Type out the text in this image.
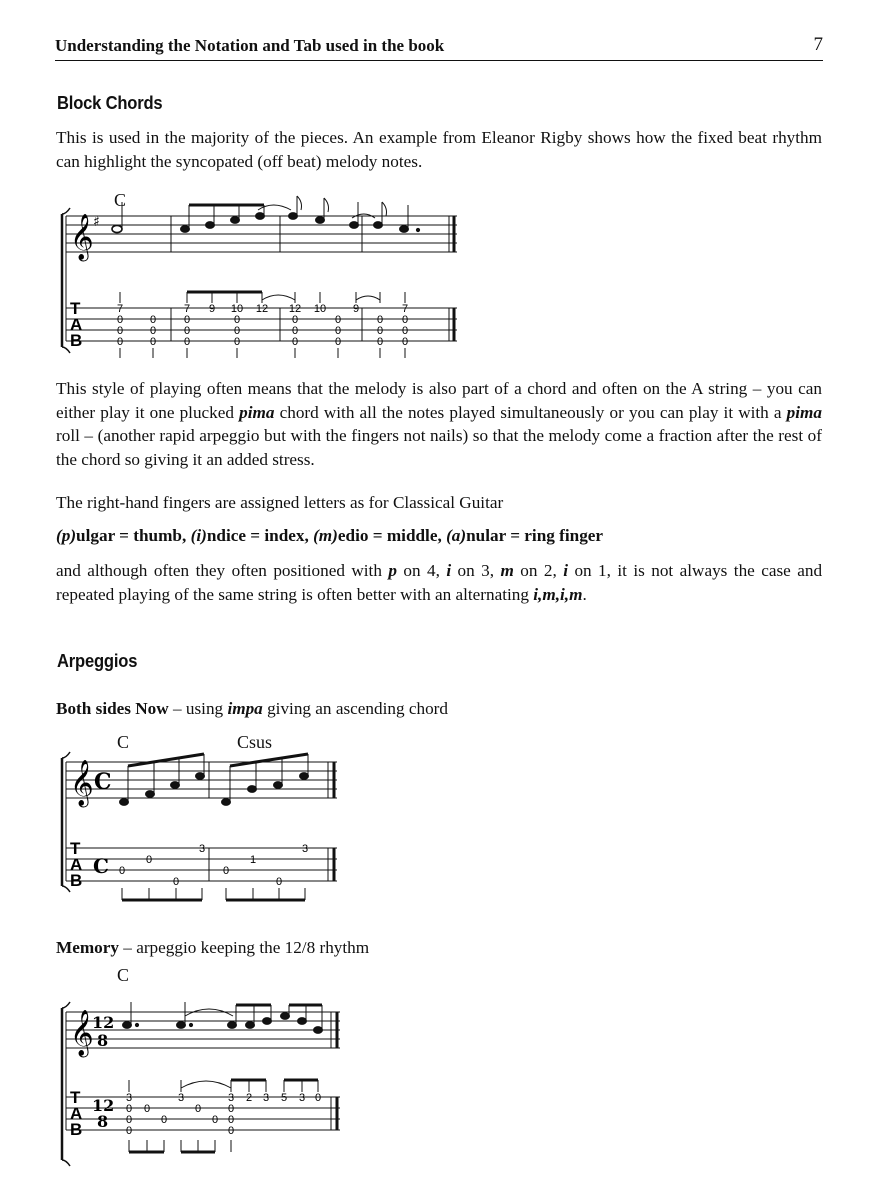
Understanding the Notation and Tab used in the book	7
Block Chords
This is used in the majority of the pieces. An example from Eleanor Rigby shows how the fixed beat rhythm can highlight the syncopated (off beat) melody notes.
C
𝄞 ♯
T
A
B
7
0
0
0
0
0
0
7
0
0
0
9 10
0
0
0
12 12
0
0
0
10
0
0
0
9
0
0
0
7
0
0
0
This style of playing often means that the melody is also part of a chord and often on the A string – you can either play it one plucked pima chord with all the notes played simultaneously or you can play it with a pima roll – (another rapid arpeggio but with the fingers not nails) so that the melody come a fraction after the rest of the chord so giving it an added stress.
The right-hand fingers are assigned letters as for Classical Guitar
(p)ulgar = thumb, (i)ndice = index, (m)edio = middle, (a)nular = ring finger
and although often they often positioned with p on 4, i on 3, m on 2, i on 1, it is not always the case and repeated playing of the same string is often better with an alternating i,m,i,m.
Arpeggios
Both sides Now – using impa giving an ascending chord
C	Csus
𝄞 C
T
A
B
C 0
0
0
3
0
1
0
3
Memory – arpeggio keeping the 12/8 rhythm
C
𝄞
12
8
T
A
B
12
8
3
0
0
0
0
0
3
0
0
3
0
0
0
2 3 5 3 0
